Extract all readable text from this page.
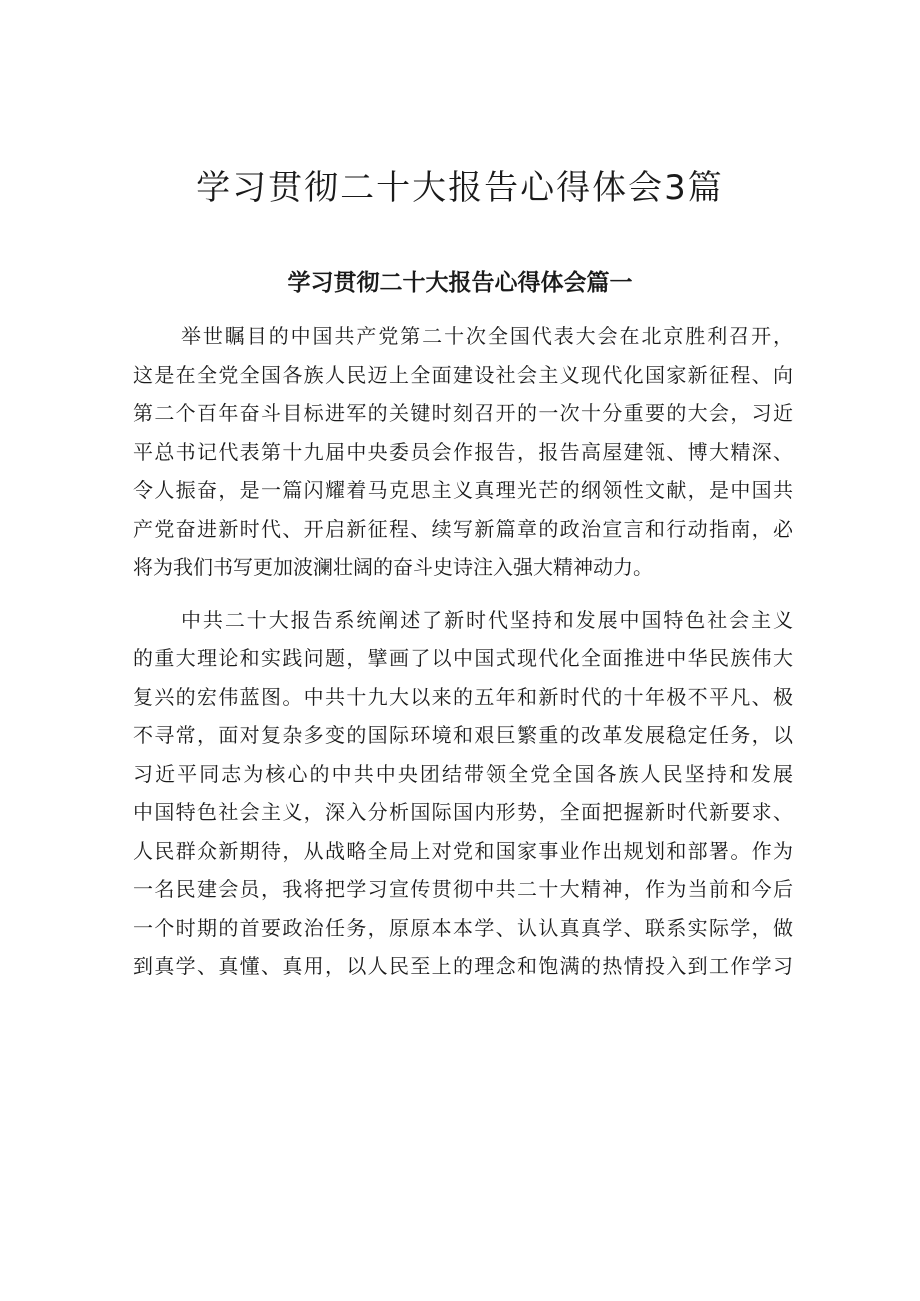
学习贯彻二十大报告心得体会3篇
学习贯彻二十大报告心得体会篇一
举世瞩目的中国共产党第二十次全国代表大会在北京胜利召开，
这是在全党全国各族人民迈上全面建设社会主义现代化国家新征程、向
第二个百年奋斗目标进军的关键时刻召开的一次十分重要的大会，习近
平总书记代表第十九届中央委员会作报告，报告高屋建瓴、博大精深、
令人振奋，是一篇闪耀着马克思主义真理光芒的纲领性文献，是中国共
产党奋进新时代、开启新征程、续写新篇章的政治宣言和行动指南，必
将为我们书写更加波澜壮阔的奋斗史诗注入强大精神动力。
中共二十大报告系统阐述了新时代坚持和发展中国特色社会主义
的重大理论和实践问题，擘画了以中国式现代化全面推进中华民族伟大
复兴的宏伟蓝图。中共十九大以来的五年和新时代的十年极不平凡、极
不寻常，面对复杂多变的国际环境和艰巨繁重的改革发展稳定任务，以
习近平同志为核心的中共中央团结带领全党全国各族人民坚持和发展
中国特色社会主义，深入分析国际国内形势，全面把握新时代新要求、
人民群众新期待，从战略全局上对党和国家事业作出规划和部署。作为
一名民建会员，我将把学习宣传贯彻中共二十大精神，作为当前和今后
一个时期的首要政治任务，原原本本学、认认真真学、联系实际学，做
到真学、真懂、真用，以人民至上的理念和饱满的热情投入到工作学习
